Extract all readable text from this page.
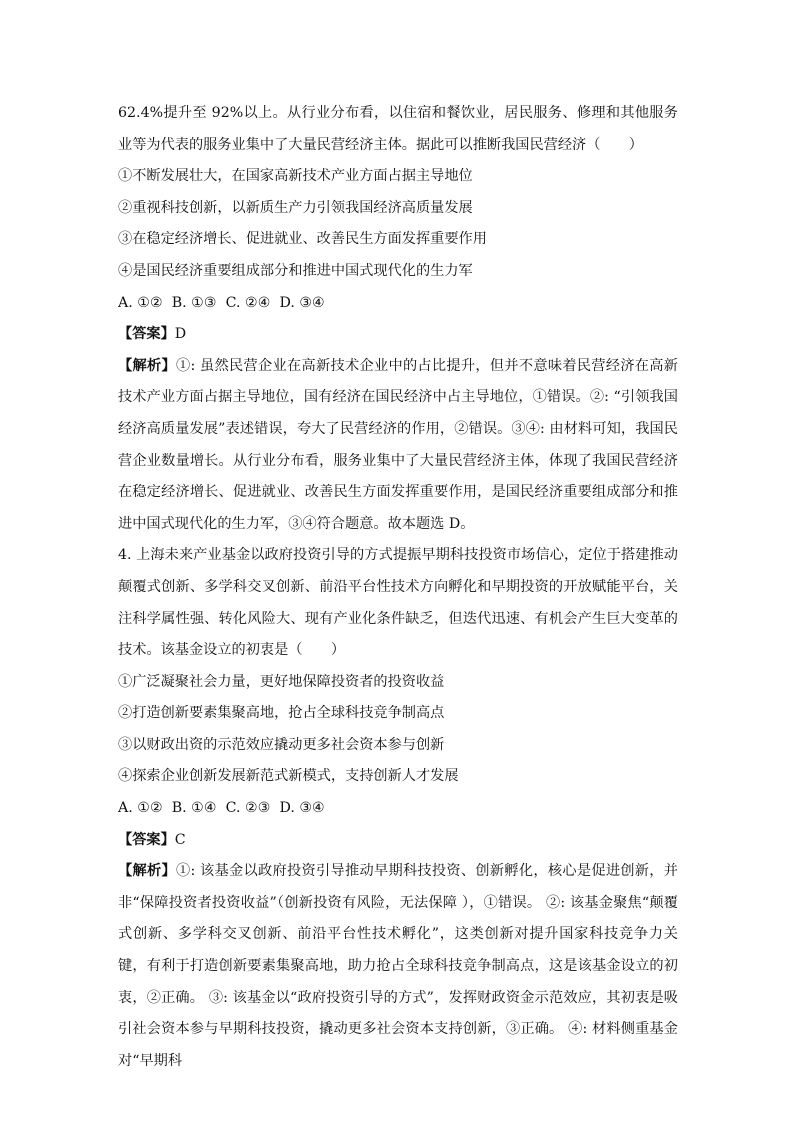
62.4%提升至 92%以上。从行业分布看，以住宿和餐饮业，居民服务、修理和其他服务业等为代表的服务业集中了大量民营经济主体。据此可以推断我国民营经济（　　）
①不断发展壮大，在国家高新技术产业方面占据主导地位
②重视科技创新，以新质生产力引领我国经济高质量发展
③在稳定经济增长、促进就业、改善民生方面发挥重要作用
④是国民经济重要组成部分和推进中国式现代化的生力军
A. ①②  B. ①③  C. ②④  D. ③④
【答案】D
【解析】①: 虽然民营企业在高新技术企业中的占比提升，但并不意味着民营经济在高新技术产业方面占据主导地位，国有经济在国民经济中占主导地位，①错误。②: “引领我国经济高质量发展”表述错误，夸大了民营经济的作用，②错误。③④: 由材料可知，我国民营企业数量增长。从行业分布看，服务业集中了大量民营经济主体，体现了我国民营经济在稳定经济增长、促进就业、改善民生方面发挥重要作用，是国民经济重要组成部分和推进中国式现代化的生力军，③④符合题意。故本题选 D。
4. 上海未来产业基金以政府投资引导的方式提振早期科技投资市场信心，定位于搭建推动颠覆式创新、多学科交叉创新、前沿平台性技术方向孵化和早期投资的开放赋能平台，关注科学属性强、转化风险大、现有产业化条件缺乏，但迭代迅速、有机会产生巨大变革的技术。该基金设立的初衷是（　　）
①广泛凝聚社会力量，更好地保障投资者的投资收益
②打造创新要素集聚高地，抢占全球科技竞争制高点
③以财政出资的示范效应撬动更多社会资本参与创新
④探索企业创新发展新范式新模式，支持创新人才发展
A. ①②  B. ①④  C. ②③  D. ③④
【答案】C
【解析】①: 该基金以政府投资引导推动早期科技投资、创新孵化，核心是促进创新，并非“保障投资者投资收益”（创新投资有风险，无法保障 ），①错误。 ②: 该基金聚焦“颠覆式创新、多学科交叉创新、前沿平台性技术孵化”，这类创新对提升国家科技竞争力关键，有利于打造创新要素集聚高地，助力抢占全球科技竞争制高点，这是该基金设立的初衷，②正确。 ③: 该基金以“政府投资引导的方式”，发挥财政资金示范效应，其初衷是吸引社会资本参与早期科技投资，撬动更多社会资本支持创新，③正确。 ④: 材料侧重基金对“早期科
